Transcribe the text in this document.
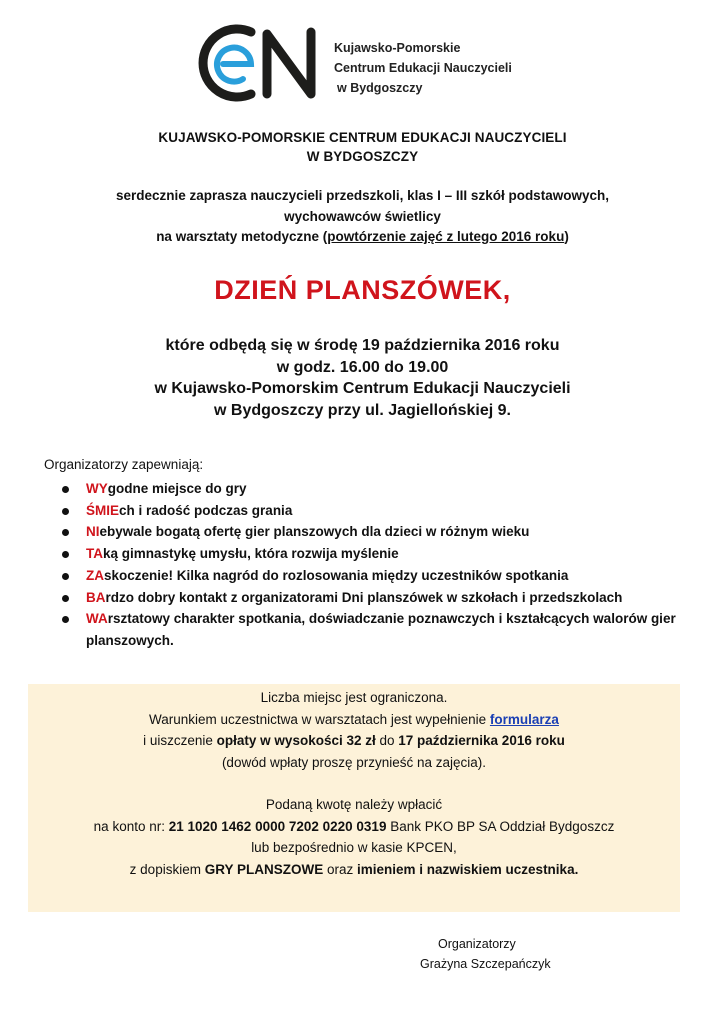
Kujawsko-Pomorskie
Centrum Edukacji Nauczycieli
w Bydgoszczy
KUJAWSKO-POMORSKIE CENTRUM EDUKACJI NAUCZYCIELI
W BYDGOSZCZY
serdecznie zaprasza nauczycieli przedszkoli, klas I – III szkół podstawowych,
wychowawców świetlicy
na warsztaty metodyczne (powtórzenie zajęć z lutego 2016 roku)
DZIEŃ PLANSZÓWEK,
które odbędą się w środę 19 października 2016 roku
w godz. 16.00 do 19.00
w Kujawsko-Pomorskim Centrum Edukacji Nauczycieli
w Bydgoszczy przy ul. Jagiellońskiej 9.
Organizatorzy zapewniają:
WYgodne miejsce do gry
ŚMIEch i radość podczas grania
NIebywale bogatą ofertę gier planszowych dla dzieci w różnym wieku
TAką gimnastykę umysłu, która rozwija myślenie
ZAskoczenie! Kilka nagród do rozlosowania między uczestników spotkania
BArdzo dobry kontakt z organizatorami Dni planszówek w szkołach i przedszkolach
WArsztatowy charakter spotkania, doświadczanie poznawczych i kształcących walorów gier planszowych.
Liczba miejsc jest ograniczona.
Warunkiem uczestnictwa w warsztatach jest wypełnienie formularza
i uiszczenie opłaty w wysokości 32 zł do 17 października 2016 roku
(dowód wpłaty proszę przynieść na zajęcia).
Podaną kwotę należy wpłacić
na konto nr: 21 1020 1462 0000 7202 0220 0319 Bank PKO BP SA Oddział Bydgoszcz
lub bezpośrednio w kasie KPCEN,
z dopiskiem GRY PLANSZOWE oraz imieniem i nazwiskiem uczestnika.
Organizatorzy
Grażyna Szczepańczyk
